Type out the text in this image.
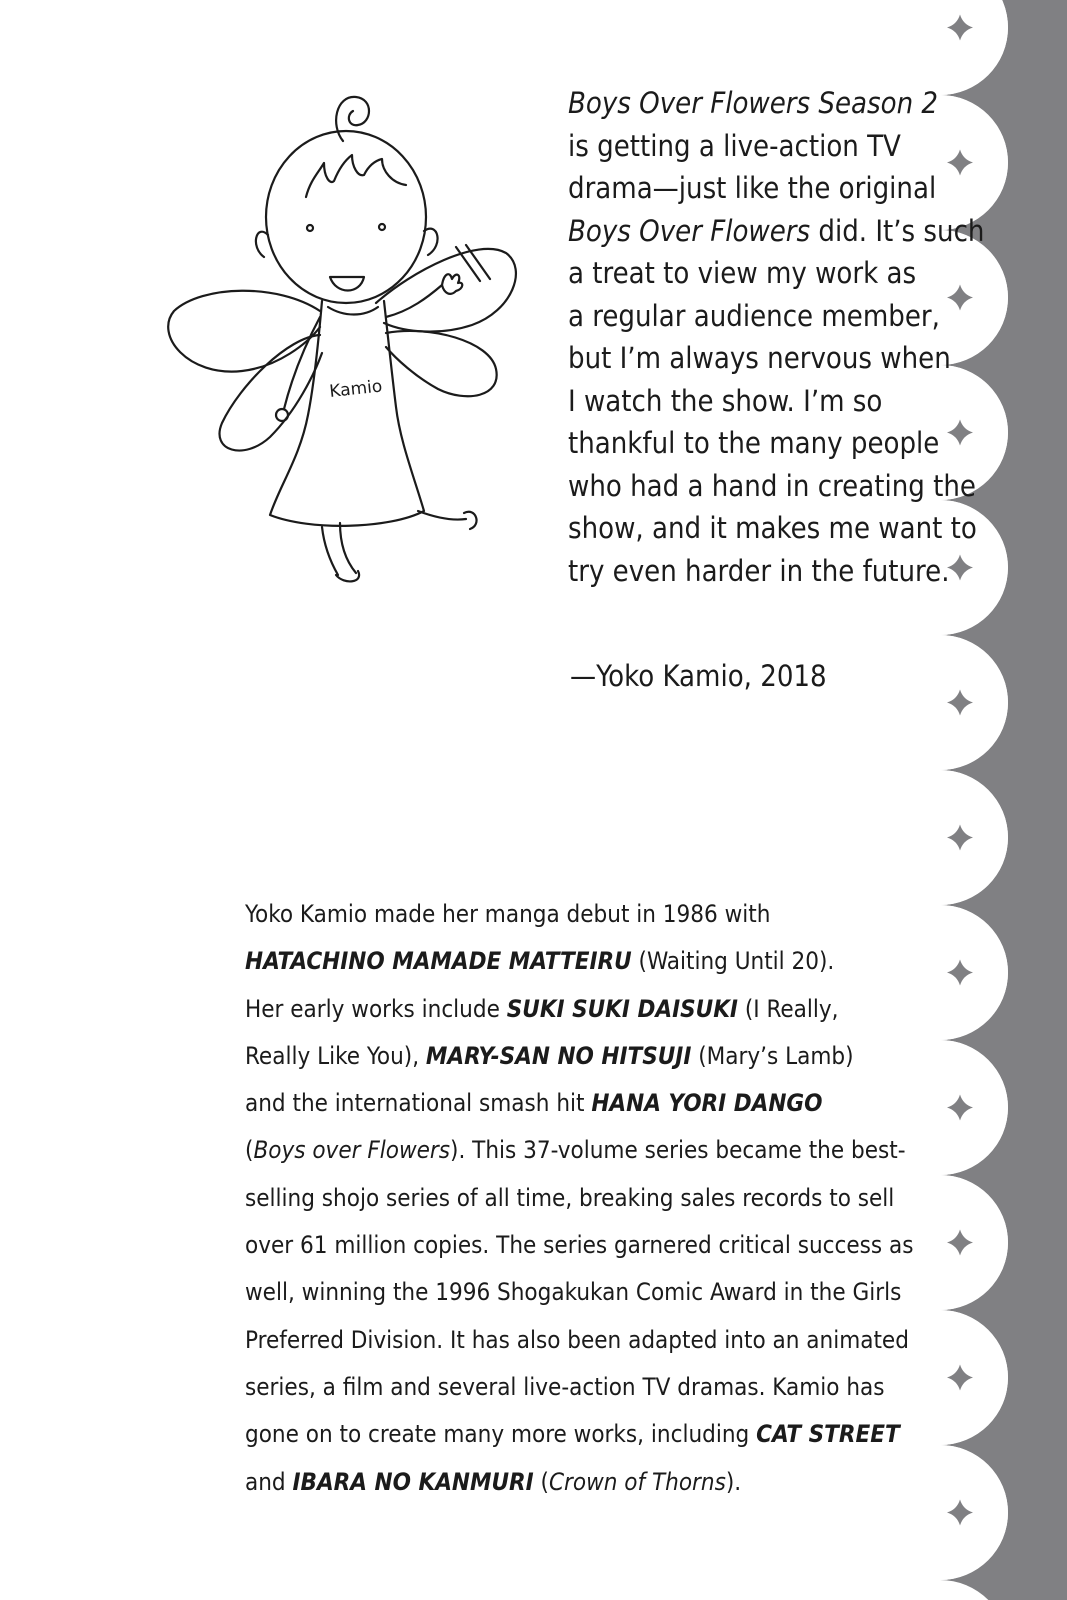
Kamio
Boys Over Flowers Season 2
is getting a live-action TV
drama—just like the original
Boys Over Flowers did. It’s such
a treat to view my work as
a regular audience member,
but I’m always nervous when
I watch the show. I’m so
thankful to the many people
who had a hand in creating the
show, and it makes me want to
try even harder in the future.

—Yoko Kamio, 2018

Yoko Kamio made her manga debut in 1986 with
HATACHINO MAMADE MATTEIRU (Waiting Until 20).
Her early works include SUKI SUKI DAISUKI (I Really,
Really Like You), MARY-SAN NO HITSUJI (Mary’s Lamb)
and the international smash hit HANA YORI DANGO
(Boys over Flowers). This 37-volume series became the best-
selling shojo series of all time, breaking sales records to sell
over 61 million copies. The series garnered critical success as
well, winning the 1996 Shogakukan Comic Award in the Girls
Preferred Division. It has also been adapted into an animated
series, a film and several live-action TV dramas. Kamio has
gone on to create many more works, including CAT STREET
and IBARA NO KANMURI (Crown of Thorns).
